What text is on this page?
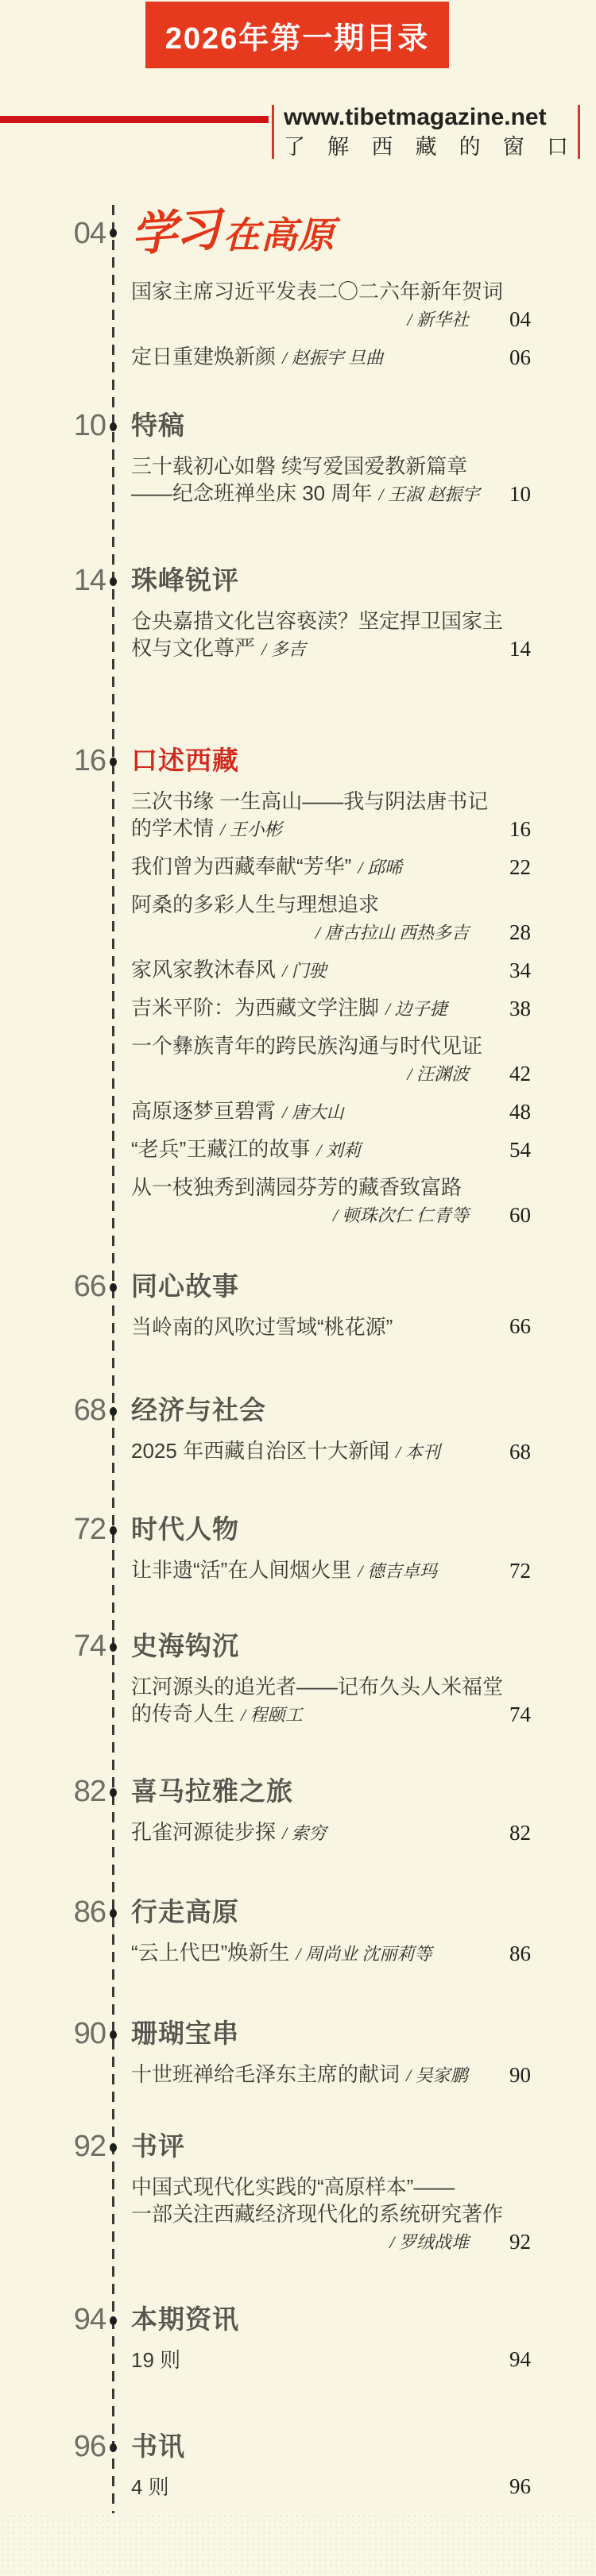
2026年第一期目录
www.tibetmagazine.net
了 解 西 藏 的 窗 口
04 学习在高原
国家主席习近平发表二〇二六年新年贺词
/ 新华社	04
定日重建焕新颜 / 赵振宇 旦曲	06
10 特稿
三十载初心如磐 续写爱国爱教新篇章
——纪念班禅坐床 30 周年 / 王淑 赵振宇 10
14 珠峰锐评
仓央嘉措文化岂容亵渎？坚定捍卫国家主
权与文化尊严 / 多吉	14
16 口述西藏
三次书缘 一生高山——我与阴法唐书记
的学术情 / 王小彬	16
我们曾为西藏奉献“芳华” / 邱晞	22
阿桑的多彩人生与理想追求
/ 唐古拉山 西热多吉	28
家风家教沐春风 / 门驶	34
吉米平阶：为西藏文学注脚 / 边子捷	38
一个彝族青年的跨民族沟通与时代见证
/ 汪渊波	42
高原逐梦亘碧霄 / 唐大山	48
“老兵”王藏江的故事 / 刘莉	54
从一枝独秀到满园芬芳的藏香致富路
/ 顿珠次仁 仁青等	60
66 同心故事
当岭南的风吹过雪域“桃花源”	66
68 经济与社会
2025 年西藏自治区十大新闻 / 本刊	68
72 时代人物
让非遗“活”在人间烟火里 / 德吉卓玛	72
74 史海钩沉
江河源头的追光者——记布久头人米福堂
的传奇人生 / 程颐工	74
82 喜马拉雅之旅
孔雀河源徒步探 / 索穷	82
86 行走高原
“云上代巴”焕新生 / 周尚业 沈丽莉等	86
90 珊瑚宝串
十世班禅给毛泽东主席的献词 / 吴家鹏	90
92 书评
中国式现代化实践的“高原样本”——
一部关注西藏经济现代化的系统研究著作
/ 罗绒战堆	92
94 本期资讯
19 则	94
96 书讯
4 则	96
